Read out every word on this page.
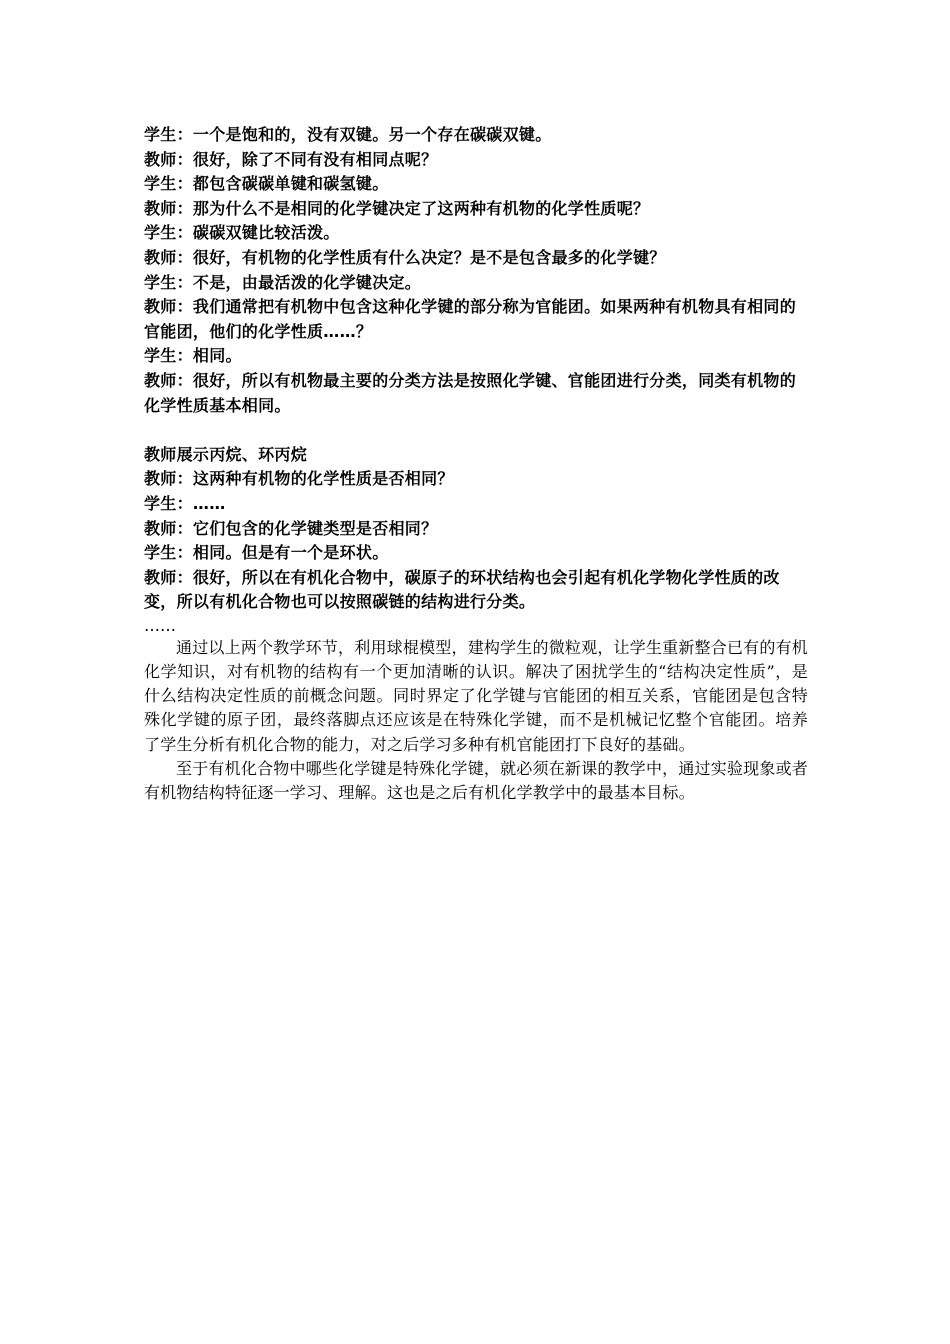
学生：一个是饱和的，没有双键。另一个存在碳碳双键。

教师：很好，除了不同有没有相同点呢？

学生：都包含碳碳单键和碳氢键。

教师：那为什么不是相同的化学键决定了这两种有机物的化学性质呢？

学生：碳碳双键比较活泼。

教师：很好，有机物的化学性质有什么决定？是不是包含最多的化学键？

学生：不是，由最活泼的化学键决定。

教师：我们通常把有机物中包含这种化学键的部分称为官能团。如果两种有机物具有相同的官能团，他们的化学性质……？

学生：相同。

教师：很好，所以有机物最主要的分类方法是按照化学键、官能团进行分类，同类有机物的化学性质基本相同。

教师展示丙烷、环丙烷

教师：这两种有机物的化学性质是否相同？

学生：……

教师：它们包含的化学键类型是否相同？

学生：相同。但是有一个是环状。

教师：很好，所以在有机化合物中，碳原子的环状结构也会引起有机化学物化学性质的改变，所以有机化合物也可以按照碳链的结构进行分类。

……

通过以上两个教学环节，利用球棍模型，建构学生的微粒观，让学生重新整合已有的有机化学知识，对有机物的结构有一个更加清晰的认识。解决了困扰学生的“结构决定性质”，是什么结构决定性质的前概念问题。同时界定了化学键与官能团的相互关系，官能团是包含特殊化学键的原子团，最终落脚点还应该是在特殊化学键，而不是机械记忆整个官能团。培养了学生分析有机化合物的能力，对之后学习多种有机官能团打下良好的基础。

至于有机化合物中哪些化学键是特殊化学键，就必须在新课的教学中，通过实验现象或者有机物结构特征逐一学习、理解。这也是之后有机化学教学中的最基本目标。
